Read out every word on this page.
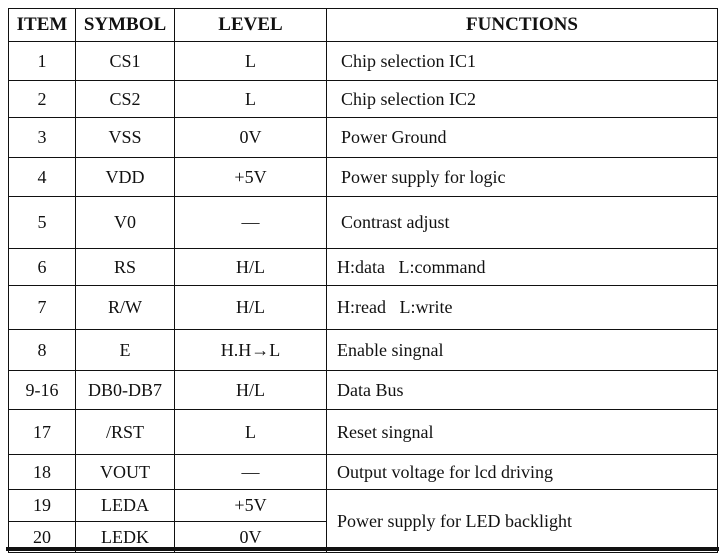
ITEM	SYMBOL	LEVEL	FUNCTIONS
1	CS1	L	Chip selection IC1
2	CS2	L	Chip selection IC2
3	VSS	0V	Power Ground
4	VDD	+5V	Power supply for logic
5	V0	—	Contrast adjust
6	RS	H/L	H:data   L:command
7	R/W	H/L	H:read   L:write
8	E	H.H→L	Enable singnal
9-16	DB0-DB7	H/L	Data Bus
17	/RST	L	Reset singnal
18	VOUT	—	Output voltage for lcd driving
19	LEDA	+5V	Power supply for LED backlight
20	LEDK	0V	
